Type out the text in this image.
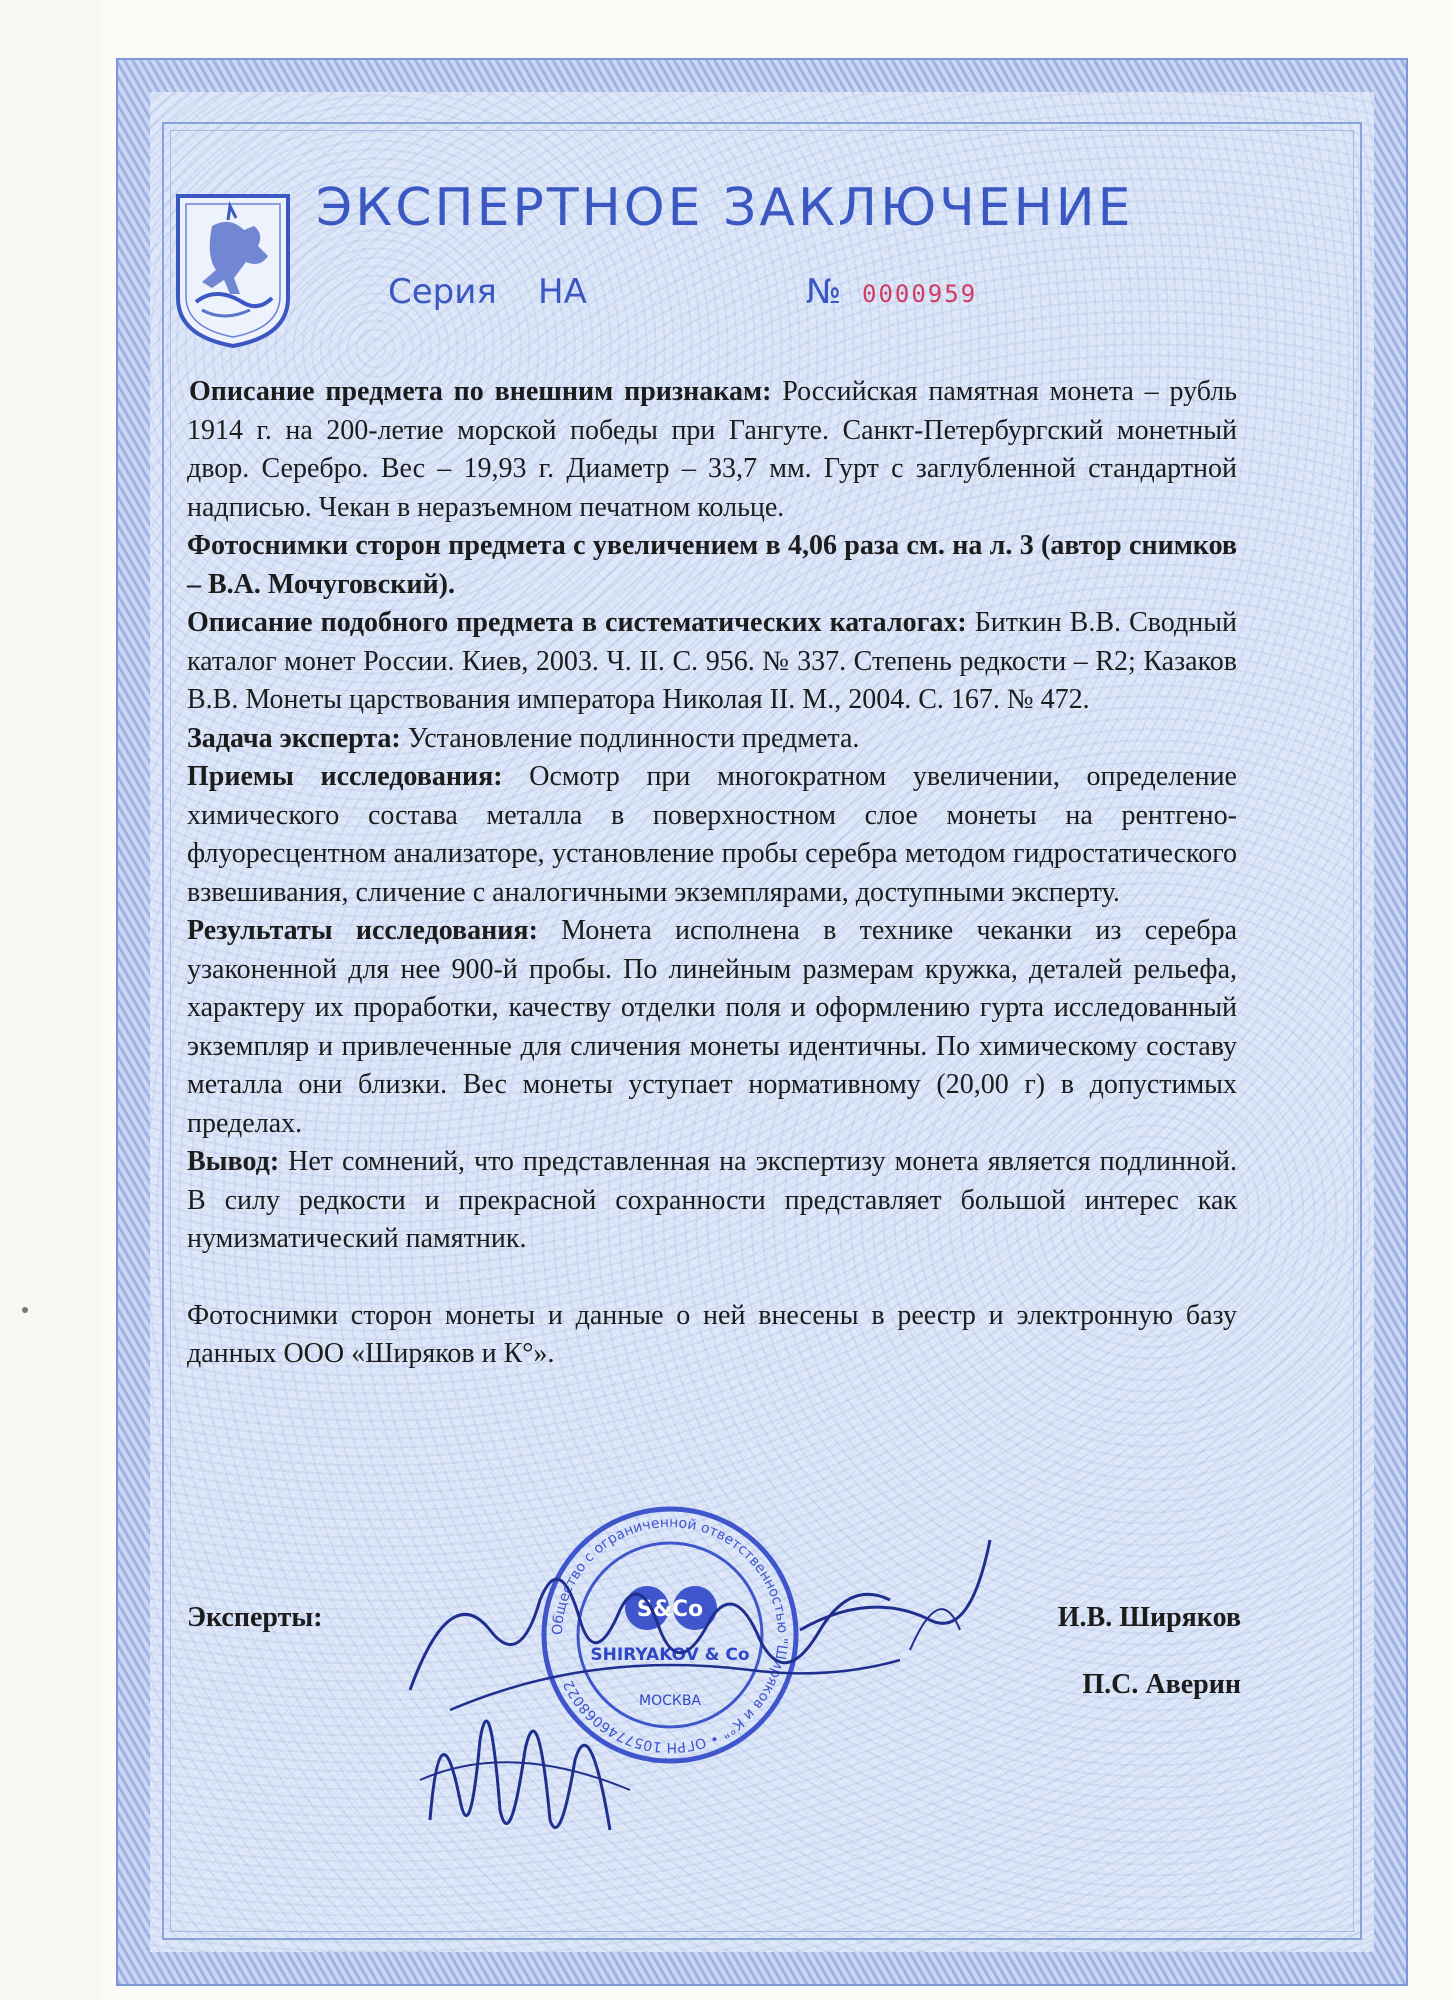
ЭКСПЕРТНОЕ ЗАКЛЮЧЕНИЕ
Серия НА	№ 0000959

Описание предмета по внешним признакам: Российская памятная монета – рубль 1914 г. на 200-летие морской победы при Гангуте. Санкт-Петербургский монетный двор. Серебро. Вес – 19,93 г. Диаметр – 33,7 мм. Гурт с заглубленной стандартной надписью. Чекан в неразъемном печатном кольце.

Фотоснимки сторон предмета с увеличением в 4,06 раза см. на л. 3 (автор снимков – В.А. Мочуговский).

Описание подобного предмета в систематических каталогах: Биткин В.В. Сводный каталог монет России. Киев, 2003. Ч. II. С. 956. № 337. Степень редкости – R2; Казаков В.В. Монеты царствования императора Николая II. М., 2004. С. 167. № 472.

Задача эксперта: Установление подлинности предмета.

Приемы исследования: Осмотр при многократном увеличении, определение химического состава металла в поверхностном слое монеты на рентгено-флуоресцентном анализаторе, установление пробы серебра методом гидростатического взвешивания, сличение с аналогичными экземплярами, доступными эксперту.

Результаты исследования: Монета исполнена в технике чеканки из серебра узаконенной для нее 900-й пробы. По линейным размерам кружка, деталей рельефа, характеру их проработки, качеству отделки поля и оформлению гурта исследованный экземпляр и привлеченные для сличения монеты идентичны. По химическому составу металла они близки. Вес монеты уступает нормативному (20,00 г) в допустимых пределах.

Вывод: Нет сомнений, что представленная на экспертизу монета является подлинной. В силу редкости и прекрасной сохранности представляет большой интерес как нумизматический памятник.

Фотоснимки сторон монеты и данные о ней внесены в реестр и электронную базу данных ООО «Ширяков и К°».

Эксперты:	И.В. Ширяков
П.С. Аверин
Общество с ограниченной ответственностью "Ширяков и К°" • ОГРН 1057746068022
S&Co
SHIRYAKOV & Co
МОСКВА
